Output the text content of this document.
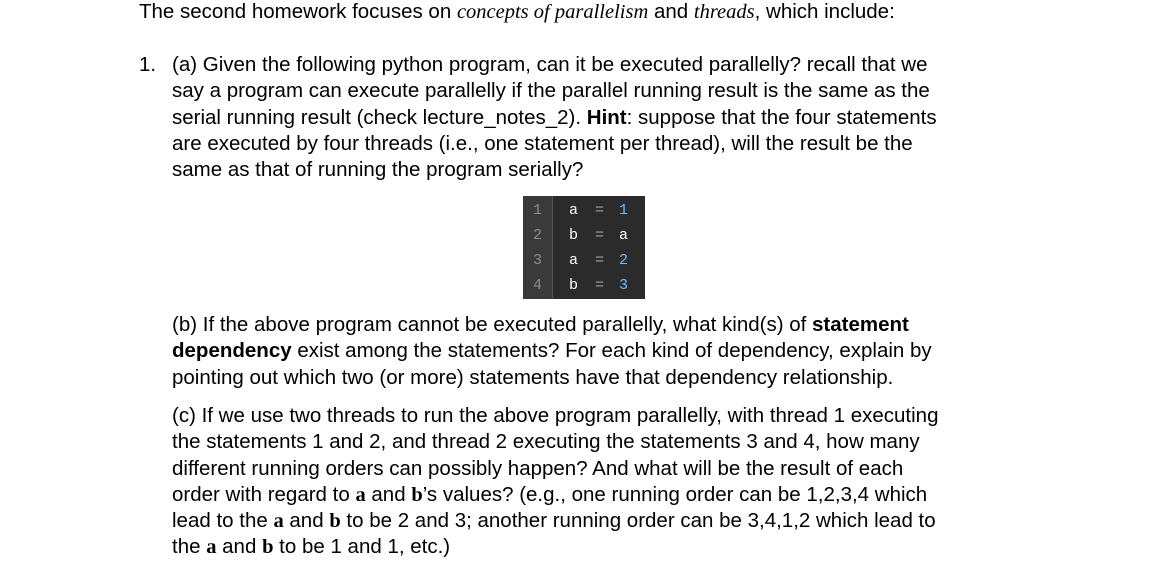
The second homework focuses on concepts of parallelism and threads, which include:
1. (a) Given the following python program, can it be executed parallelly? recall that we
say a program can execute parallelly if the parallel running result is the same as the
serial running result (check lecture_notes_2). Hint: suppose that the four statements
are executed by four threads (i.e., one statement per thread), will the result be the
same as that of running the program serially?
1 a = 1
2 b = a
3 a = 2
4 b = 3
(b) If the above program cannot be executed parallelly, what kind(s) of statement
dependency exist among the statements? For each kind of dependency, explain by
pointing out which two (or more) statements have that dependency relationship.
(c) If we use two threads to run the above program parallelly, with thread 1 executing
the statements 1 and 2, and thread 2 executing the statements 3 and 4, how many
different running orders can possibly happen? And what will be the result of each
order with regard to a and b’s values? (e.g., one running order can be 1,2,3,4 which
lead to the a and b to be 2 and 3; another running order can be 3,4,1,2 which lead to
the a and b to be 1 and 1, etc.)
